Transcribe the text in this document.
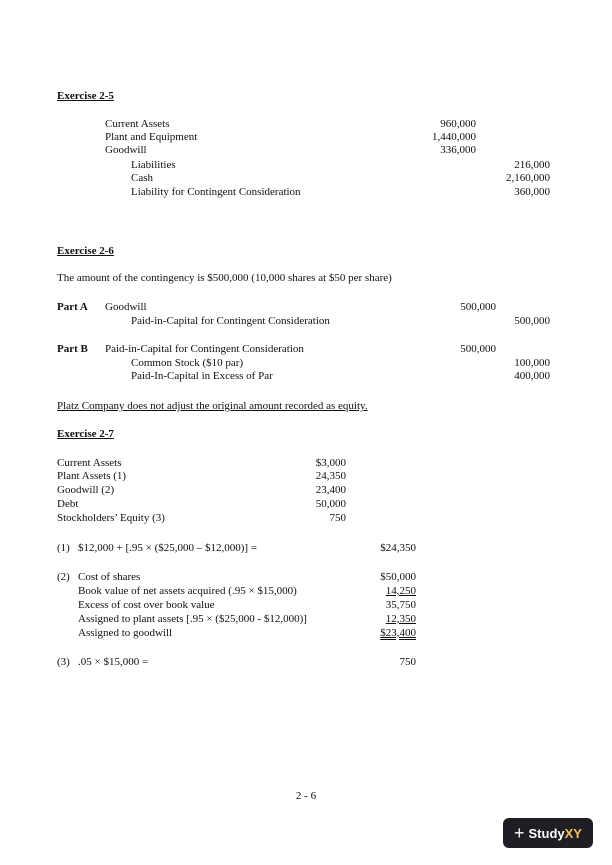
Exercise 2-5
Current Assets	960,000
Plant and Equipment	1,440,000
Goodwill	336,000
Liabilities	216,000
Cash	2,160,000
Liability for Contingent Consideration	360,000
Exercise 2-6
The amount of the contingency is $500,000 (10,000 shares at $50 per share)
Part A Goodwill	500,000
Paid-in-Capital for Contingent Consideration	500,000
Part B Paid-in-Capital for Contingent Consideration	500,000
Common Stock ($10 par)	100,000
Paid-In-Capital in Excess of Par	400,000
Platz Company does not adjust the original amount recorded as equity.
Exercise 2-7
Current Assets	$3,000
Plant Assets (1)	24,350
Goodwill (2)	23,400
Debt	50,000
Stockholders’ Equity (3)	750
(1) $12,000 + [.95 × ($25,000 – $12,000)] =	$24,350
(2) Cost of shares	$50,000
Book value of net assets acquired (.95 × $15,000)	14,250
Excess of cost over book value	35,750
Assigned to plant assets [.95 × ($25,000 - $12,000)]	12,350
Assigned to goodwill	$23,400
(3) .05 × $15,000 =	750
2 - 6
+ StudyXY
